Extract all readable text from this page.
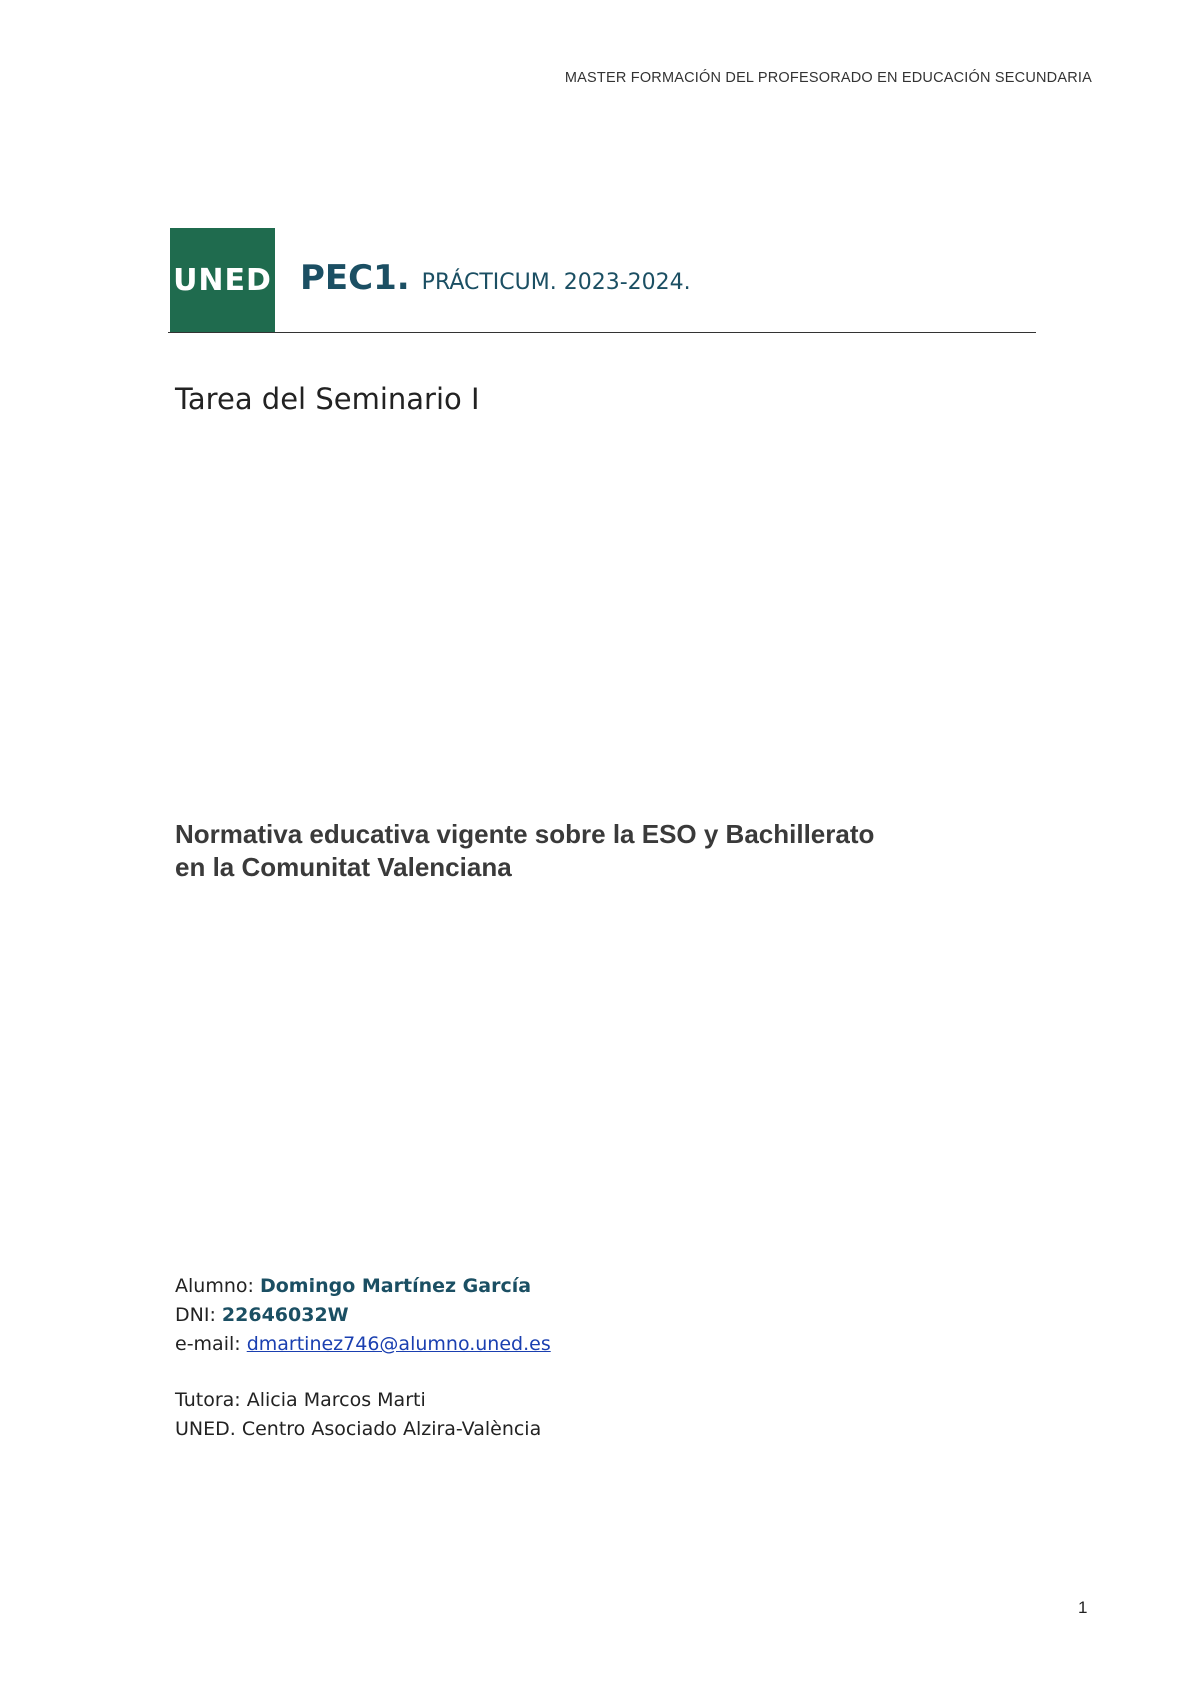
MASTER FORMACIÓN DEL PROFESORADO EN EDUCACIÓN SECUNDARIA
UNED PEC1. PRÁCTICUM. 2023-2024.
Tarea del Seminario I
Normativa educativa vigente sobre la ESO y Bachillerato
en la Comunitat Valenciana
Alumno: Domingo Martínez García
DNI: 22646032W
e-mail: dmartinez746@alumno.uned.es
Tutora: Alicia Marcos Marti
UNED. Centro Asociado Alzira-València
1
